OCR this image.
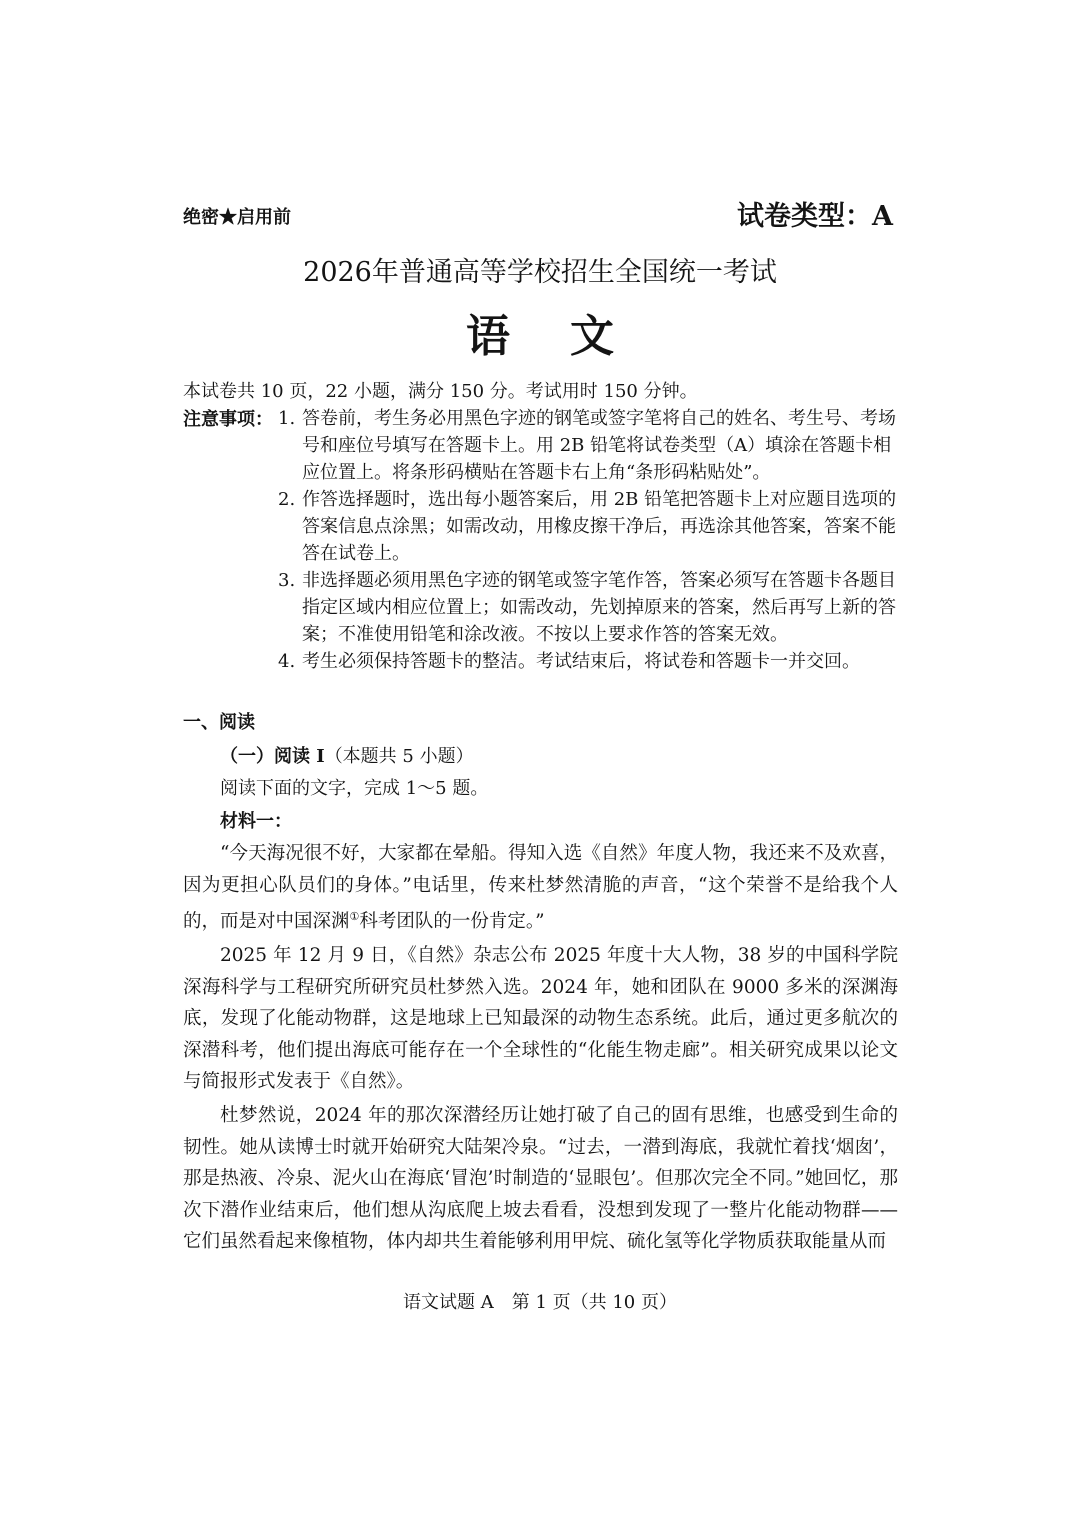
绝密★启用前	试卷类型：A
2026年普通高等学校招生全国统一考试
语文
本试卷共 10 页，22 小题，满分 150 分。考试用时 150 分钟。
注意事项： 1. 答卷前，考生务必用黑色字迹的钢笔或签字笔将自己的姓名、考生号、考场号和座位号填写在答题卡上。用 2B 铅笔将试卷类型（A）填涂在答题卡相应位置上。将条形码横贴在答题卡右上角“条形码粘贴处”。
2. 作答选择题时，选出每小题答案后，用 2B 铅笔把答题卡上对应题目选项的答案信息点涂黑；如需改动，用橡皮擦干净后，再选涂其他答案，答案不能答在试卷上。
3. 非选择题必须用黑色字迹的钢笔或签字笔作答，答案必须写在答题卡各题目指定区域内相应位置上；如需改动，先划掉原来的答案，然后再写上新的答案；不准使用铅笔和涂改液。不按以上要求作答的答案无效。
4. 考生必须保持答题卡的整洁。考试结束后，将试卷和答题卡一并交回。
一、阅读
（一）阅读 I（本题共 5 小题）
阅读下面的文字，完成 1～5 题。
材料一：

“今天海况很不好，大家都在晕船。得知入选《自然》年度人物，我还来不及欢喜，因为更担心队员们的身体。”电话里，传来杜梦然清脆的声音，“这个荣誉不是给我个人的，而是对中国深渊①科考团队的一份肯定。”

2025 年 12 月 9 日，《自然》杂志公布 2025 年度十大人物，38 岁的中国科学院深海科学与工程研究所研究员杜梦然入选。2024 年，她和团队在 9000 多米的深渊海底，发现了化能动物群，这是地球上已知最深的动物生态系统。此后，通过更多航次的深潜科考，他们提出海底可能存在一个全球性的“化能生物走廊”。相关研究成果以论文与简报形式发表于《自然》。

杜梦然说，2024 年的那次深潜经历让她打破了自己的固有思维，也感受到生命的韧性。她从读博士时就开始研究大陆架冷泉。“过去，一潜到海底，我就忙着找‘烟囱’，那是热液、冷泉、泥火山在海底‘冒泡’时制造的‘显眼包’。但那次完全不同。”她回忆，那次下潜作业结束后，他们想从沟底爬上坡去看看，没想到发现了一整片化能动物群——它们虽然看起来像植物，体内却共生着能够利用甲烷、硫化氢等化学物质获取能量从而

语文试题 A　第 1 页（共 10 页）
